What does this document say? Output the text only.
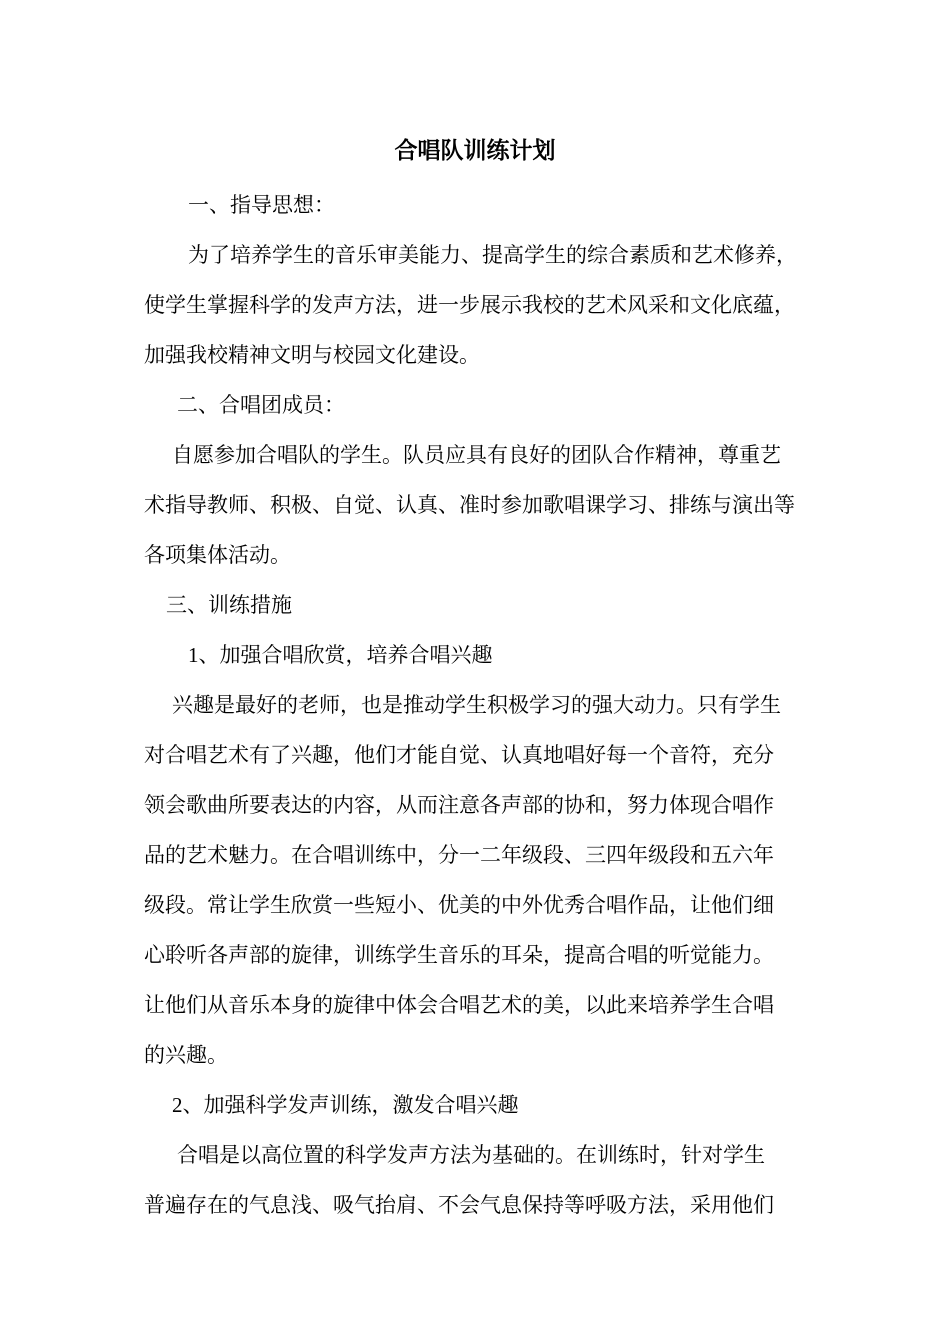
合唱队训练计划

一、指导思想：

为了培养学生的音乐审美能力、提高学生的综合素质和艺术修养，

使学生掌握科学的发声方法，进一步展示我校的艺术风采和文化底蕴，

加强我校精神文明与校园文化建设。

二、合唱团成员：

自愿参加合唱队的学生。队员应具有良好的团队合作精神，尊重艺

术指导教师、积极、自觉、认真、准时参加歌唱课学习、排练与演出等

各项集体活动。

三、训练措施

1、加强合唱欣赏，培养合唱兴趣

兴趣是最好的老师，也是推动学生积极学习的强大动力。只有学生

对合唱艺术有了兴趣，他们才能自觉、认真地唱好每一个音符，充分

领会歌曲所要表达的内容，从而注意各声部的协和，努力体现合唱作

品的艺术魅力。在合唱训练中，分一二年级段、三四年级段和五六年

级段。常让学生欣赏一些短小、优美的中外优秀合唱作品，让他们细

心聆听各声部的旋律，训练学生音乐的耳朵，提高合唱的听觉能力。

让他们从音乐本身的旋律中体会合唱艺术的美，以此来培养学生合唱

的兴趣。

2、加强科学发声训练，激发合唱兴趣

合唱是以高位置的科学发声方法为基础的。在训练时，针对学生

普遍存在的气息浅、吸气抬肩、不会气息保持等呼吸方法，采用他们
